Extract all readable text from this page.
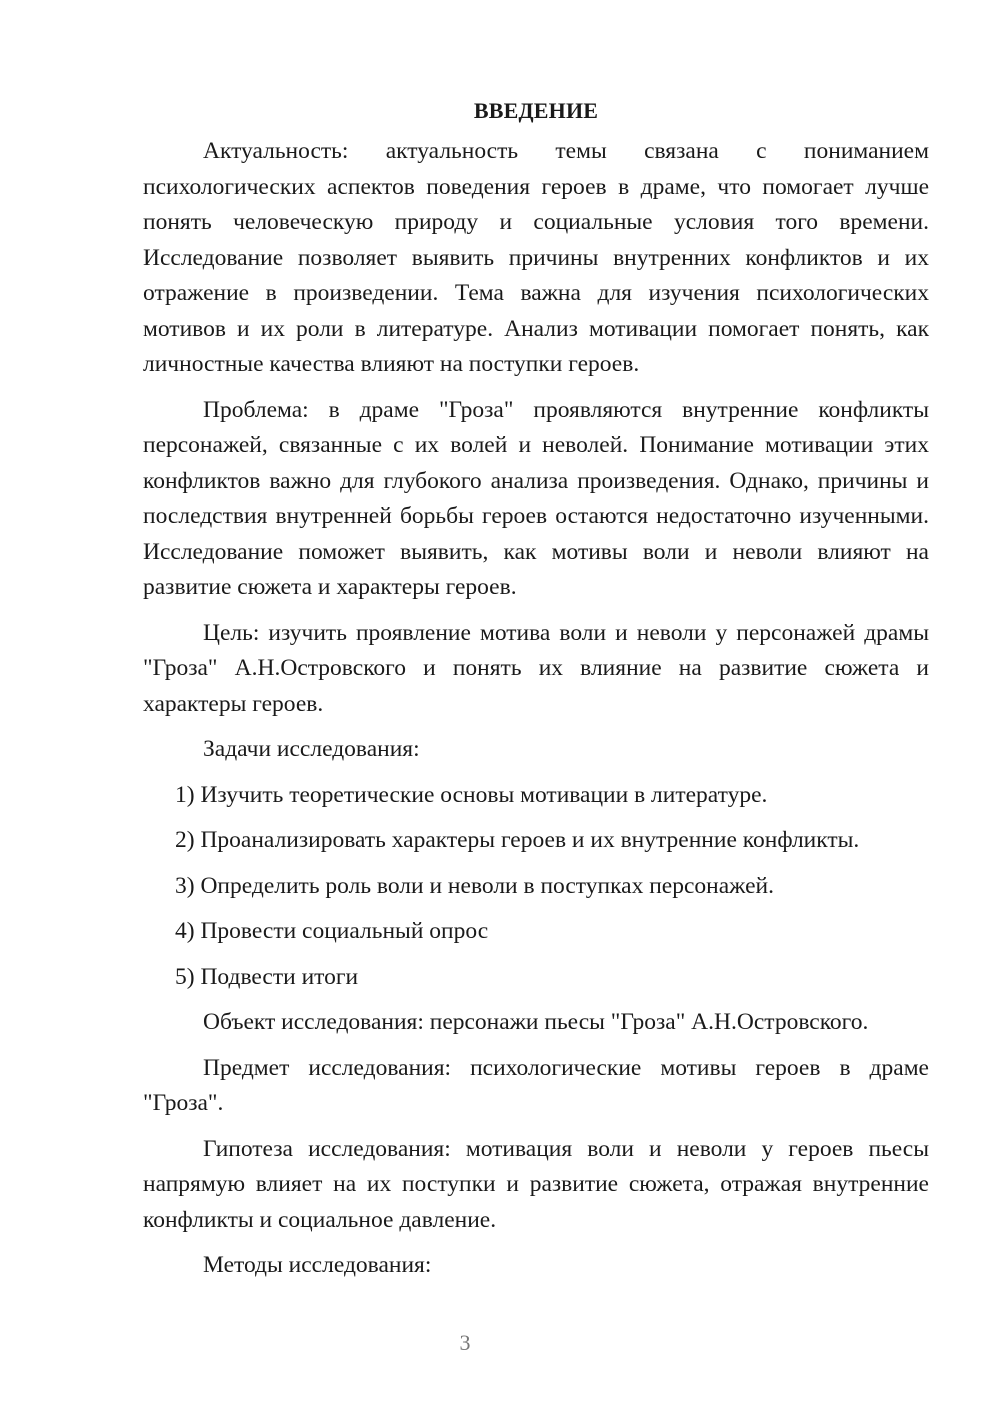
ВВЕДЕНИЕ

Актуальность: актуальность темы связана с пониманием психологических аспектов поведения героев в драме, что помогает лучше понять человеческую природу и социальные условия того времени. Исследование позволяет выявить причины внутренних конфликтов и их отражение в произведении. Тема важна для изучения психологических мотивов и их роли в литературе. Анализ мотивации помогает понять, как личностные качества влияют на поступки героев.

Проблема: в драме "Гроза" проявляются внутренние конфликты персонажей, связанные с их волей и неволей. Понимание мотивации этих конфликтов важно для глубокого анализа произведения. Однако, причины и последствия внутренней борьбы героев остаются недостаточно изученными. Исследование поможет выявить, как мотивы воли и неволи влияют на развитие сюжета и характеры героев.

Цель: изучить проявление мотива воли и неволи у персонажей драмы "Гроза" А.Н.Островского и понять их влияние на развитие сюжета и характеры героев.

Задачи исследования:

1) Изучить теоретические основы мотивации в литературе.
2) Проанализировать характеры героев и их внутренние конфликты.
3) Определить роль воли и неволи в поступках персонажей.
4) Провести социальный опрос
5) Подвести итоги

Объект исследования: персонажи пьесы "Гроза" А.Н.Островского.

Предмет исследования: психологические мотивы героев в драме "Гроза".

Гипотеза исследования: мотивация воли и неволи у героев пьесы напрямую влияет на их поступки и развитие сюжета, отражая внутренние конфликты и социальное давление.

Методы исследования:

3
